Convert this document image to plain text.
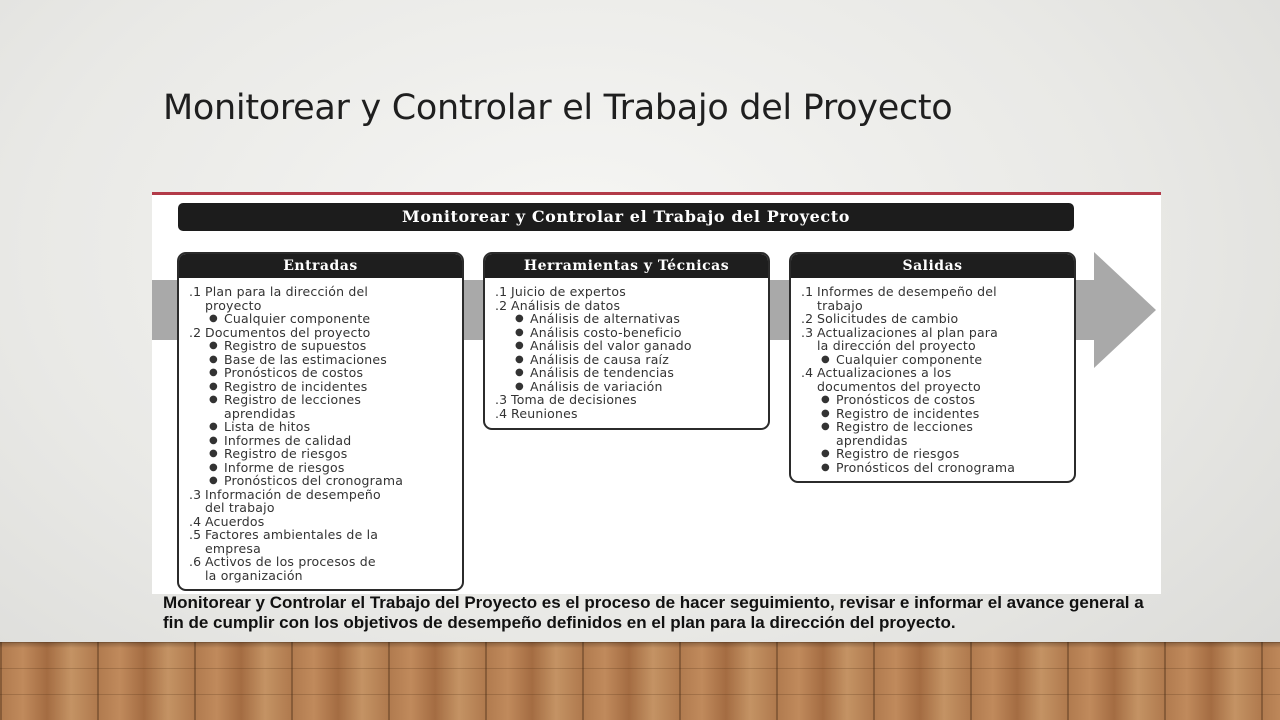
Monitorear y Controlar el Trabajo del Proyecto
Monitorear y Controlar el Trabajo del Proyecto
Entradas
.1 Plan para la dirección del
proyecto
● Cualquier componente
.2 Documentos del proyecto
● Registro de supuestos
● Base de las estimaciones
● Pronósticos de costos
● Registro de incidentes
● Registro de lecciones
aprendidas
● Lista de hitos
● Informes de calidad
● Registro de riesgos
● Informe de riesgos
● Pronósticos del cronograma
.3 Información de desempeño
del trabajo
.4 Acuerdos
.5 Factores ambientales de la
empresa
.6 Activos de los procesos de
la organización
Herramientas y Técnicas
.1 Juicio de expertos
.2 Análisis de datos
● Análisis de alternativas
● Análisis costo-beneficio
● Análisis del valor ganado
● Análisis de causa raíz
● Análisis de tendencias
● Análisis de variación
.3 Toma de decisiones
.4 Reuniones
Salidas
.1 Informes de desempeño del
trabajo
.2 Solicitudes de cambio
.3 Actualizaciones al plan para
la dirección del proyecto
● Cualquier componente
.4 Actualizaciones a los
documentos del proyecto
● Pronósticos de costos
● Registro de incidentes
● Registro de lecciones
aprendidas
● Registro de riesgos
● Pronósticos del cronograma

Monitorear y Controlar el Trabajo del Proyecto es el proceso de hacer seguimiento, revisar e informar el avance general a fin de cumplir con los objetivos de desempeño definidos en el plan para la dirección del proyecto.
